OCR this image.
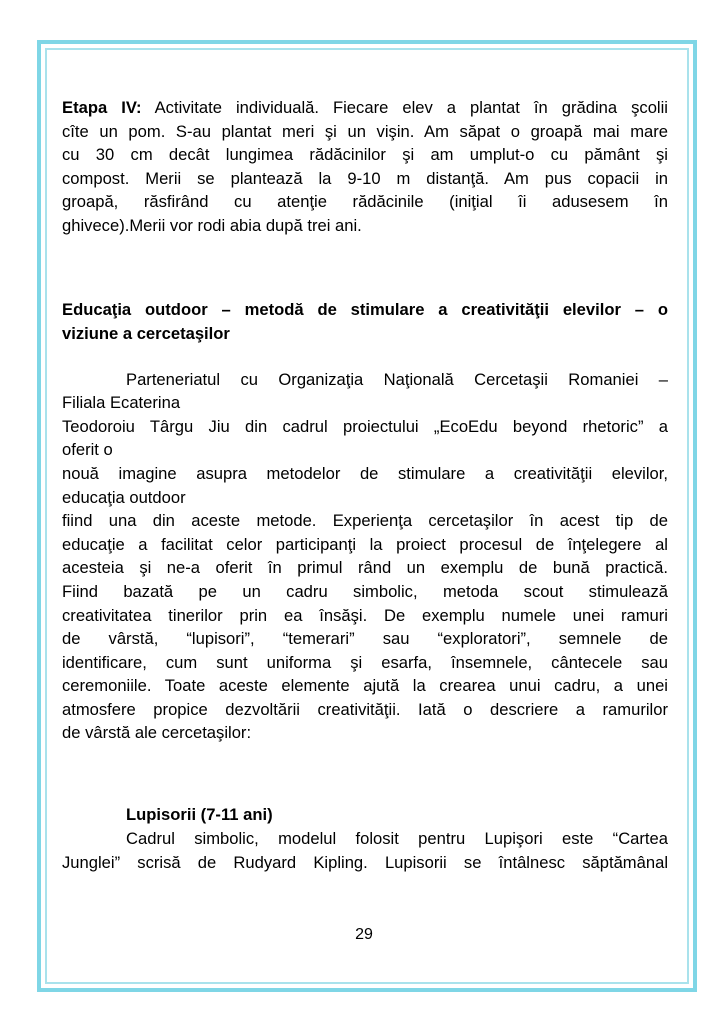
Etapa IV: Activitate individuală. Fiecare elev a plantat în grădina şcolii
cîte un pom. S-au plantat meri şi un vişin. Am săpat o groapă mai mare
cu 30 cm decât lungimea rădăcinilor şi am umplut-o cu pământ şi
compost. Merii se plantează la 9-10 m distanţă. Am pus copacii in
groapă, răsfirând cu atenţie rădăcinile (iniţial îi adusesem în
ghivece).Merii vor rodi abia după trei ani.
Educaţia outdoor – metodă de stimulare a creativităţii elevilor – o
viziune a cercetaşilor
Parteneriatul cu Organizaţia Naţională Cercetaşii Romaniei –
Filiala Ecaterina
Teodoroiu Târgu Jiu din cadrul proiectului „EcoEdu beyond rhetoric” a
oferit o
nouă imagine asupra metodelor de stimulare a creativităţii elevilor,
educaţia outdoor
fiind una din aceste metode. Experienţa cercetaşilor în acest tip de
educaţie a facilitat celor participanţi la proiect procesul de înţelegere al
acesteia şi ne-a oferit în primul rând un exemplu de bună practică.
Fiind bazată pe un cadru simbolic, metoda scout stimulează
creativitatea tinerilor prin ea însăşi. De exemplu numele unei ramuri
de vârstă, “lupisori”, “temerari” sau “exploratori”, semnele de
identificare, cum sunt uniforma şi esarfa, însemnele, cântecele sau
ceremoniile. Toate aceste elemente ajută la crearea unui cadru, a unei
atmosfere propice dezvoltării creativităţii. Iată o descriere a ramurilor
de vârstă ale cercetaşilor:
Lupisorii (7-11 ani)
Cadrul simbolic, modelul folosit pentru Lupişori este “Cartea
Junglei” scrisă de Rudyard Kipling. Lupisorii se întâlnesc săptămânal
29
